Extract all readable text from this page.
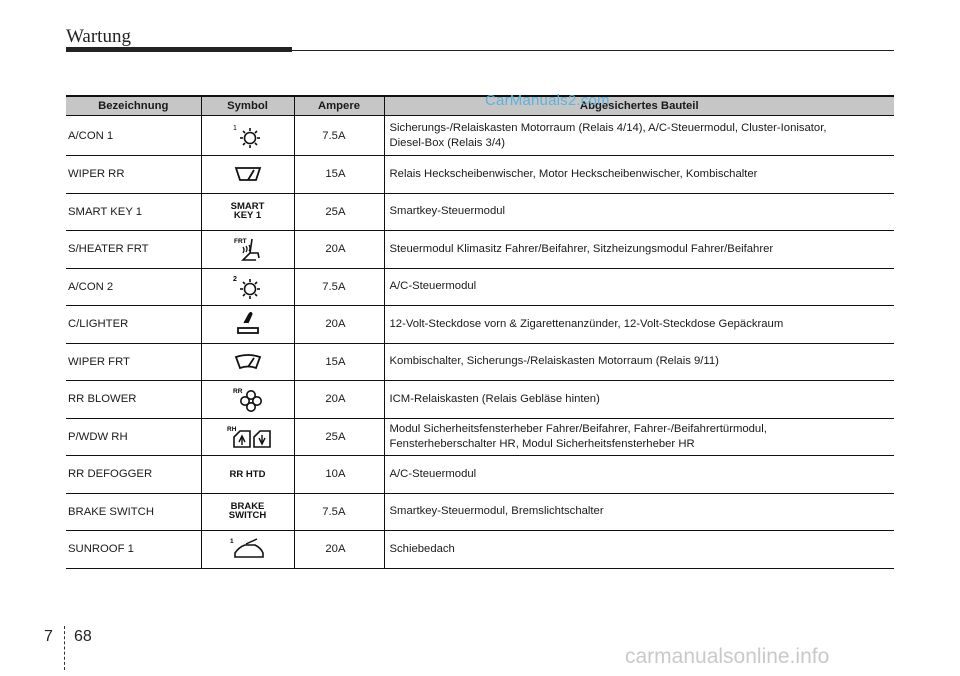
Wartung
CarManuals2.com
Bezeichnung	Symbol	Ampere	Abgesichertes Bauteil
A/CON 1	1	7.5A	Sicherungs-/Relaiskasten Motorraum (Relais 4/14), A/C-Steuermodul, Cluster-Ionisator,
Diesel-Box (Relais 3/4)

WIPER RR		15A	Relais Heckscheibenwischer, Motor Heckscheibenwischer, Kombischalter

SMART KEY 1	SMART
KEY 1	25A	Smartkey-Steuermodul

S/HEATER FRT	FRT	20A	Steuermodul Klimasitz Fahrer/Beifahrer, Sitzheizungsmodul Fahrer/Beifahrer

A/CON 2	2	7.5A	A/C-Steuermodul

C/LIGHTER		20A	12-Volt-Steckdose vorn & Zigarettenanzünder, 12-Volt-Steckdose Gepäckraum

WIPER FRT		15A	Kombischalter, Sicherungs-/Relaiskasten Motorraum (Relais 9/11)

RR BLOWER	RR	20A	ICM-Relaiskasten (Relais Gebläse hinten)

P/WDW RH	RH	25A	Modul Sicherheitsfensterheber Fahrer/Beifahrer, Fahrer-/Beifahrertürmodul,
Fensterheberschalter HR, Modul Sicherheitsfensterheber HR

RR DEFOGGER	RR HTD	10A	A/C-Steuermodul

BRAKE SWITCH	BRAKE
SWITCH	7.5A	Smartkey-Steuermodul, Bremslichtschalter

SUNROOF 1	1	20A	Schiebedach
7 68
carmanualsonline.info
